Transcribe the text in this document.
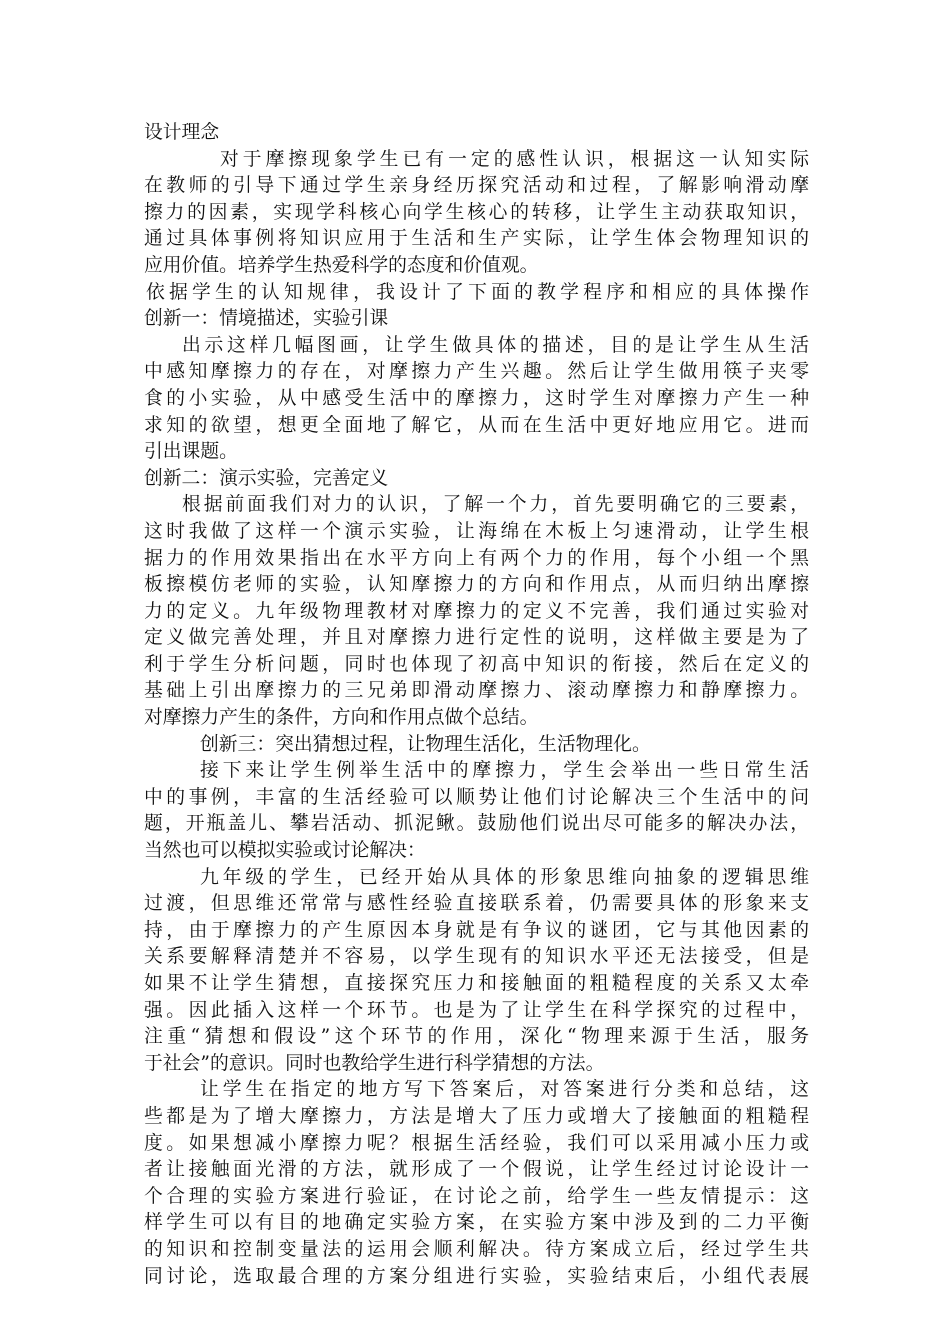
设计理念
对于摩擦现象学生已有一定的感性认识，根据这一认知实际
在教师的引导下通过学生亲身经历探究活动和过程，了解影响滑动摩
擦力的因素，实现学科核心向学生核心的转移，让学生主动获取知识，
通过具体事例将知识应用于生活和生产实际，让学生体会物理知识的
应用价值。培养学生热爱科学的态度和价值观。
依据学生的认知规律，我设计了下面的教学程序和相应的具体操作
创新一：情境描述，实验引课
出示这样几幅图画，让学生做具体的描述，目的是让学生从生活
中感知摩擦力的存在，对摩擦力产生兴趣。然后让学生做用筷子夹零
食的小实验，从中感受生活中的摩擦力，这时学生对摩擦力产生一种
求知的欲望，想更全面地了解它，从而在生活中更好地应用它。进而
引出课题。
创新二：演示实验，完善定义
根据前面我们对力的认识，了解一个力，首先要明确它的三要素，
这时我做了这样一个演示实验，让海绵在木板上匀速滑动，让学生根
据力的作用效果指出在水平方向上有两个力的作用，每个小组一个黑
板擦模仿老师的实验，认知摩擦力的方向和作用点，从而归纳出摩擦
力的定义。九年级物理教材对摩擦力的定义不完善，我们通过实验对
定义做完善处理，并且对摩擦力进行定性的说明，这样做主要是为了
利于学生分析问题，同时也体现了初高中知识的衔接，然后在定义的
基础上引出摩擦力的三兄弟即滑动摩擦力、滚动摩擦力和静摩擦力。
对摩擦力产生的条件，方向和作用点做个总结。
创新三：突出猜想过程，让物理生活化，生活物理化。
接下来让学生例举生活中的摩擦力，学生会举出一些日常生活
中的事例，丰富的生活经验可以顺势让他们讨论解决三个生活中的问
题，开瓶盖儿、攀岩活动、抓泥鳅。鼓励他们说出尽可能多的解决办法，
当然也可以模拟实验或讨论解决：
九年级的学生，已经开始从具体的形象思维向抽象的逻辑思维
过渡，但思维还常常与感性经验直接联系着，仍需要具体的形象来支
持，由于摩擦力的产生原因本身就是有争议的谜团，它与其他因素的
关系要解释清楚并不容易，以学生现有的知识水平还无法接受，但是
如果不让学生猜想，直接探究压力和接触面的粗糙程度的关系又太牵
强。因此插入这样一个环节。也是为了让学生在科学探究的过程中，
注重“猜想和假设”这个环节的作用，深化“物理来源于生活，服务
于社会”的意识。同时也教给学生进行科学猜想的方法。
让学生在指定的地方写下答案后，对答案进行分类和总结，这
些都是为了增大摩擦力，方法是增大了压力或增大了接触面的粗糙程
度。如果想减小摩擦力呢？根据生活经验，我们可以采用减小压力或
者让接触面光滑的方法，就形成了一个假说，让学生经过讨论设计一
个合理的实验方案进行验证，在讨论之前，给学生一些友情提示：这
样学生可以有目的地确定实验方案，在实验方案中涉及到的二力平衡
的知识和控制变量法的运用会顺利解决。待方案成立后，经过学生共
同讨论，选取最合理的方案分组进行实验，实验结束后，小组代表展
